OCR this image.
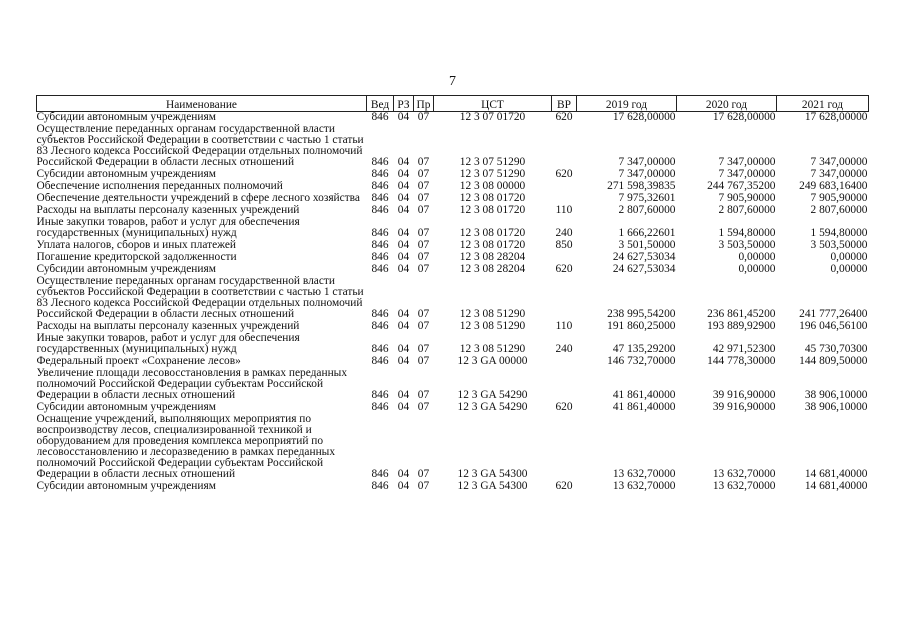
7
Наименование	Вед	РЗ	Пр	ЦСТ	ВР	2019 год	2020 год	2021 год
Субсидии автономным учреждениям	846	04	07	12 3 07 01720	620	17 628,00000	17 628,00000	17 628,00000
Осуществление переданных органам государственной власти субъектов Российской Федерации в соответствии с частью 1 статьи 83 Лесного кодекса Российской Федерации отдельных полномочий Российской Федерации в области лесных отношений	846	04	07	12 3 07 51290		7 347,00000	7 347,00000	7 347,00000
Субсидии автономным учреждениям	846	04	07	12 3 07 51290	620	7 347,00000	7 347,00000	7 347,00000
Обеспечение исполнения переданных полномочий	846	04	07	12 3 08 00000		271 598,39835	244 767,35200	249 683,16400
Обеспечение деятельности учреждений в сфере лесного хозяйства	846	04	07	12 3 08 01720		7 975,32601	7 905,90000	7 905,90000
Расходы на выплаты персоналу казенных учреждений	846	04	07	12 3 08 01720	110	2 807,60000	2 807,60000	2 807,60000
Иные закупки товаров, работ и услуг для обеспечения государственных (муниципальных) нужд	846	04	07	12 3 08 01720	240	1 666,22601	1 594,80000	1 594,80000
Уплата налогов, сборов и иных платежей	846	04	07	12 3 08 01720	850	3 501,50000	3 503,50000	3 503,50000
Погашение кредиторской задолженности	846	04	07	12 3 08 28204		24 627,53034	0,00000	0,00000
Субсидии автономным учреждениям	846	04	07	12 3 08 28204	620	24 627,53034	0,00000	0,00000
Осуществление переданных органам государственной власти субъектов Российской Федерации в соответствии с частью 1 статьи 83 Лесного кодекса Российской Федерации отдельных полномочий Российской Федерации в области лесных отношений	846	04	07	12 3 08 51290		238 995,54200	236 861,45200	241 777,26400
Расходы на выплаты персоналу казенных учреждений	846	04	07	12 3 08 51290	110	191 860,25000	193 889,92900	196 046,56100
Иные закупки товаров, работ и услуг для обеспечения государственных (муниципальных) нужд	846	04	07	12 3 08 51290	240	47 135,29200	42 971,52300	45 730,70300
Федеральный проект «Сохранение лесов»	846	04	07	12 3 GA 00000		146 732,70000	144 778,30000	144 809,50000
Увеличение площади лесовосстановления в рамках переданных полномочий Российской Федерации субъектам Российской Федерации в области лесных отношений	846	04	07	12 3 GA 54290		41 861,40000	39 916,90000	38 906,10000
Субсидии автономным учреждениям	846	04	07	12 3 GA 54290	620	41 861,40000	39 916,90000	38 906,10000
Оснащение учреждений, выполняющих мероприятия по воспроизводству лесов, специализированной техникой и оборудованием для проведения комплекса мероприятий по лесовосстановлению и лесоразведению в рамках переданных полномочий Российской Федерации субъектам Российской Федерации в области лесных отношений	846	04	07	12 3 GA 54300		13 632,70000	13 632,70000	14 681,40000
Субсидии автономным учреждениям	846	04	07	12 3 GA 54300	620	13 632,70000	13 632,70000	14 681,40000
